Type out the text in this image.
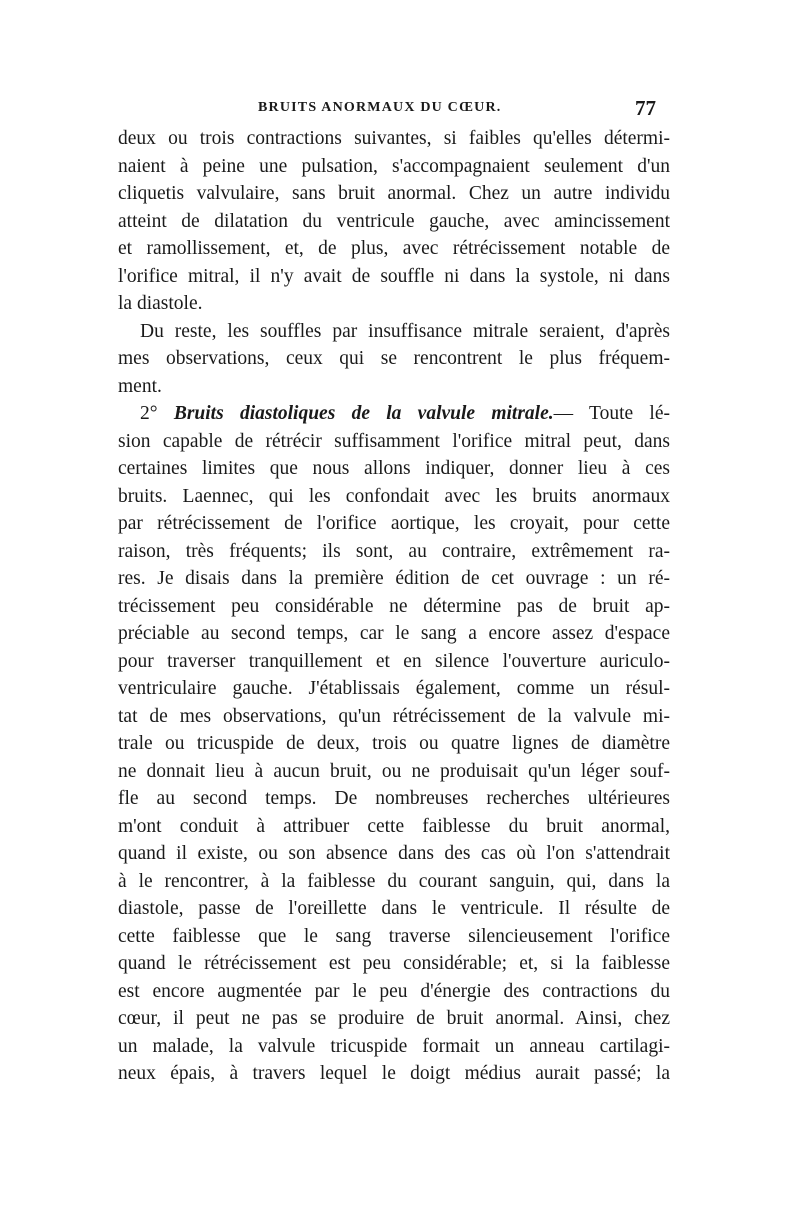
BRUITS ANORMAUX DU CŒUR.	77
deux ou trois contractions suivantes, si faibles qu'elles détermi-
naient à peine une pulsation, s'accompagnaient seulement d'un
cliquetis valvulaire, sans bruit anormal. Chez un autre individu
atteint de dilatation du ventricule gauche, avec amincissement
et ramollissement, et, de plus, avec rétrécissement notable de
l'orifice mitral, il n'y avait de souffle ni dans la systole, ni dans
la diastole.
Du reste, les souffles par insuffisance mitrale seraient, d'après
mes observations, ceux qui se rencontrent le plus fréquem-
ment.
2° Bruits diastoliques de la valvule mitrale.— Toute lé-
sion capable de rétrécir suffisamment l'orifice mitral peut, dans
certaines limites que nous allons indiquer, donner lieu à ces
bruits. Laennec, qui les confondait avec les bruits anormaux
par rétrécissement de l'orifice aortique, les croyait, pour cette
raison, très fréquents; ils sont, au contraire, extrêmement ra-
res. Je disais dans la première édition de cet ouvrage : un ré-
trécissement peu considérable ne détermine pas de bruit ap-
préciable au second temps, car le sang a encore assez d'espace
pour traverser tranquillement et en silence l'ouverture auriculo-
ventriculaire gauche. J'établissais également, comme un résul-
tat de mes observations, qu'un rétrécissement de la valvule mi-
trale ou tricuspide de deux, trois ou quatre lignes de diamètre
ne donnait lieu à aucun bruit, ou ne produisait qu'un léger souf-
fle au second temps. De nombreuses recherches ultérieures
m'ont conduit à attribuer cette faiblesse du bruit anormal,
quand il existe, ou son absence dans des cas où l'on s'attendrait
à le rencontrer, à la faiblesse du courant sanguin, qui, dans la
diastole, passe de l'oreillette dans le ventricule. Il résulte de
cette faiblesse que le sang traverse silencieusement l'orifice
quand le rétrécissement est peu considérable; et, si la faiblesse
est encore augmentée par le peu d'énergie des contractions du
cœur, il peut ne pas se produire de bruit anormal. Ainsi, chez
un malade, la valvule tricuspide formait un anneau cartilagi-
neux épais, à travers lequel le doigt médius aurait passé; la
